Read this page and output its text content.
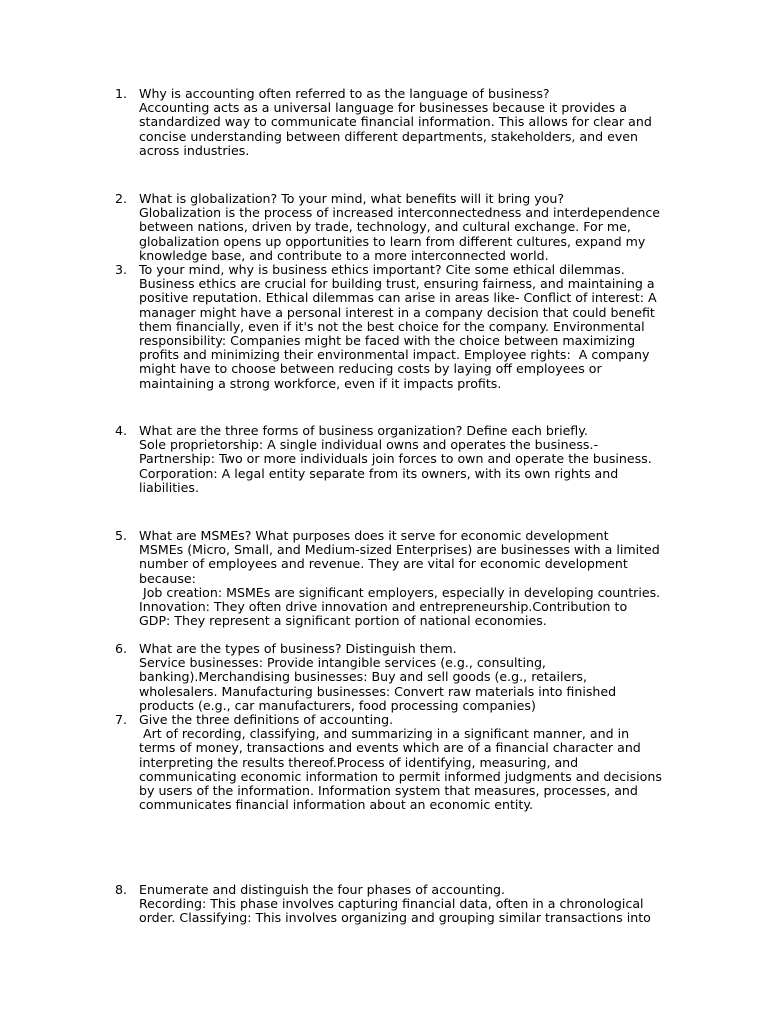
1. Why is accounting often referred to as the language of business?
Accounting acts as a universal language for businesses because it provides a
standardized way to communicate financial information. This allows for clear and
concise understanding between different departments, stakeholders, and even
across industries.
2. What is globalization? To your mind, what benefits will it bring you?
Globalization is the process of increased interconnectedness and interdependence
between nations, driven by trade, technology, and cultural exchange. For me,
globalization opens up opportunities to learn from different cultures, expand my
knowledge base, and contribute to a more interconnected world.
3. To your mind, why is business ethics important? Cite some ethical dilemmas.
Business ethics are crucial for building trust, ensuring fairness, and maintaining a
positive reputation. Ethical dilemmas can arise in areas like- Conflict of interest: A
manager might have a personal interest in a company decision that could benefit
them financially, even if it's not the best choice for the company. Environmental
responsibility: Companies might be faced with the choice between maximizing
profits and minimizing their environmental impact. Employee rights:  A company
might have to choose between reducing costs by laying off employees or
maintaining a strong workforce, even if it impacts profits.
4. What are the three forms of business organization? Define each briefly.
Sole proprietorship: A single individual owns and operates the business.-
Partnership: Two or more individuals join forces to own and operate the business.
Corporation: A legal entity separate from its owners, with its own rights and
liabilities.
5. What are MSMEs? What purposes does it serve for economic development
MSMEs (Micro, Small, and Medium-sized Enterprises) are businesses with a limited
number of employees and revenue. They are vital for economic development
because:
Job creation: MSMEs are significant employers, especially in developing countries.
Innovation: They often drive innovation and entrepreneurship.Contribution to
GDP: They represent a significant portion of national economies.
6. What are the types of business? Distinguish them.
Service businesses: Provide intangible services (e.g., consulting,
banking).Merchandising businesses: Buy and sell goods (e.g., retailers,
wholesalers. Manufacturing businesses: Convert raw materials into finished
products (e.g., car manufacturers, food processing companies)
7. Give the three definitions of accounting.
Art of recording, classifying, and summarizing in a significant manner, and in
terms of money, transactions and events which are of a financial character and
interpreting the results thereof.Process of identifying, measuring, and
communicating economic information to permit informed judgments and decisions
by users of the information. Information system that measures, processes, and
communicates financial information about an economic entity.
8. Enumerate and distinguish the four phases of accounting.
Recording: This phase involves capturing financial data, often in a chronological
order. Classifying: This involves organizing and grouping similar transactions into
